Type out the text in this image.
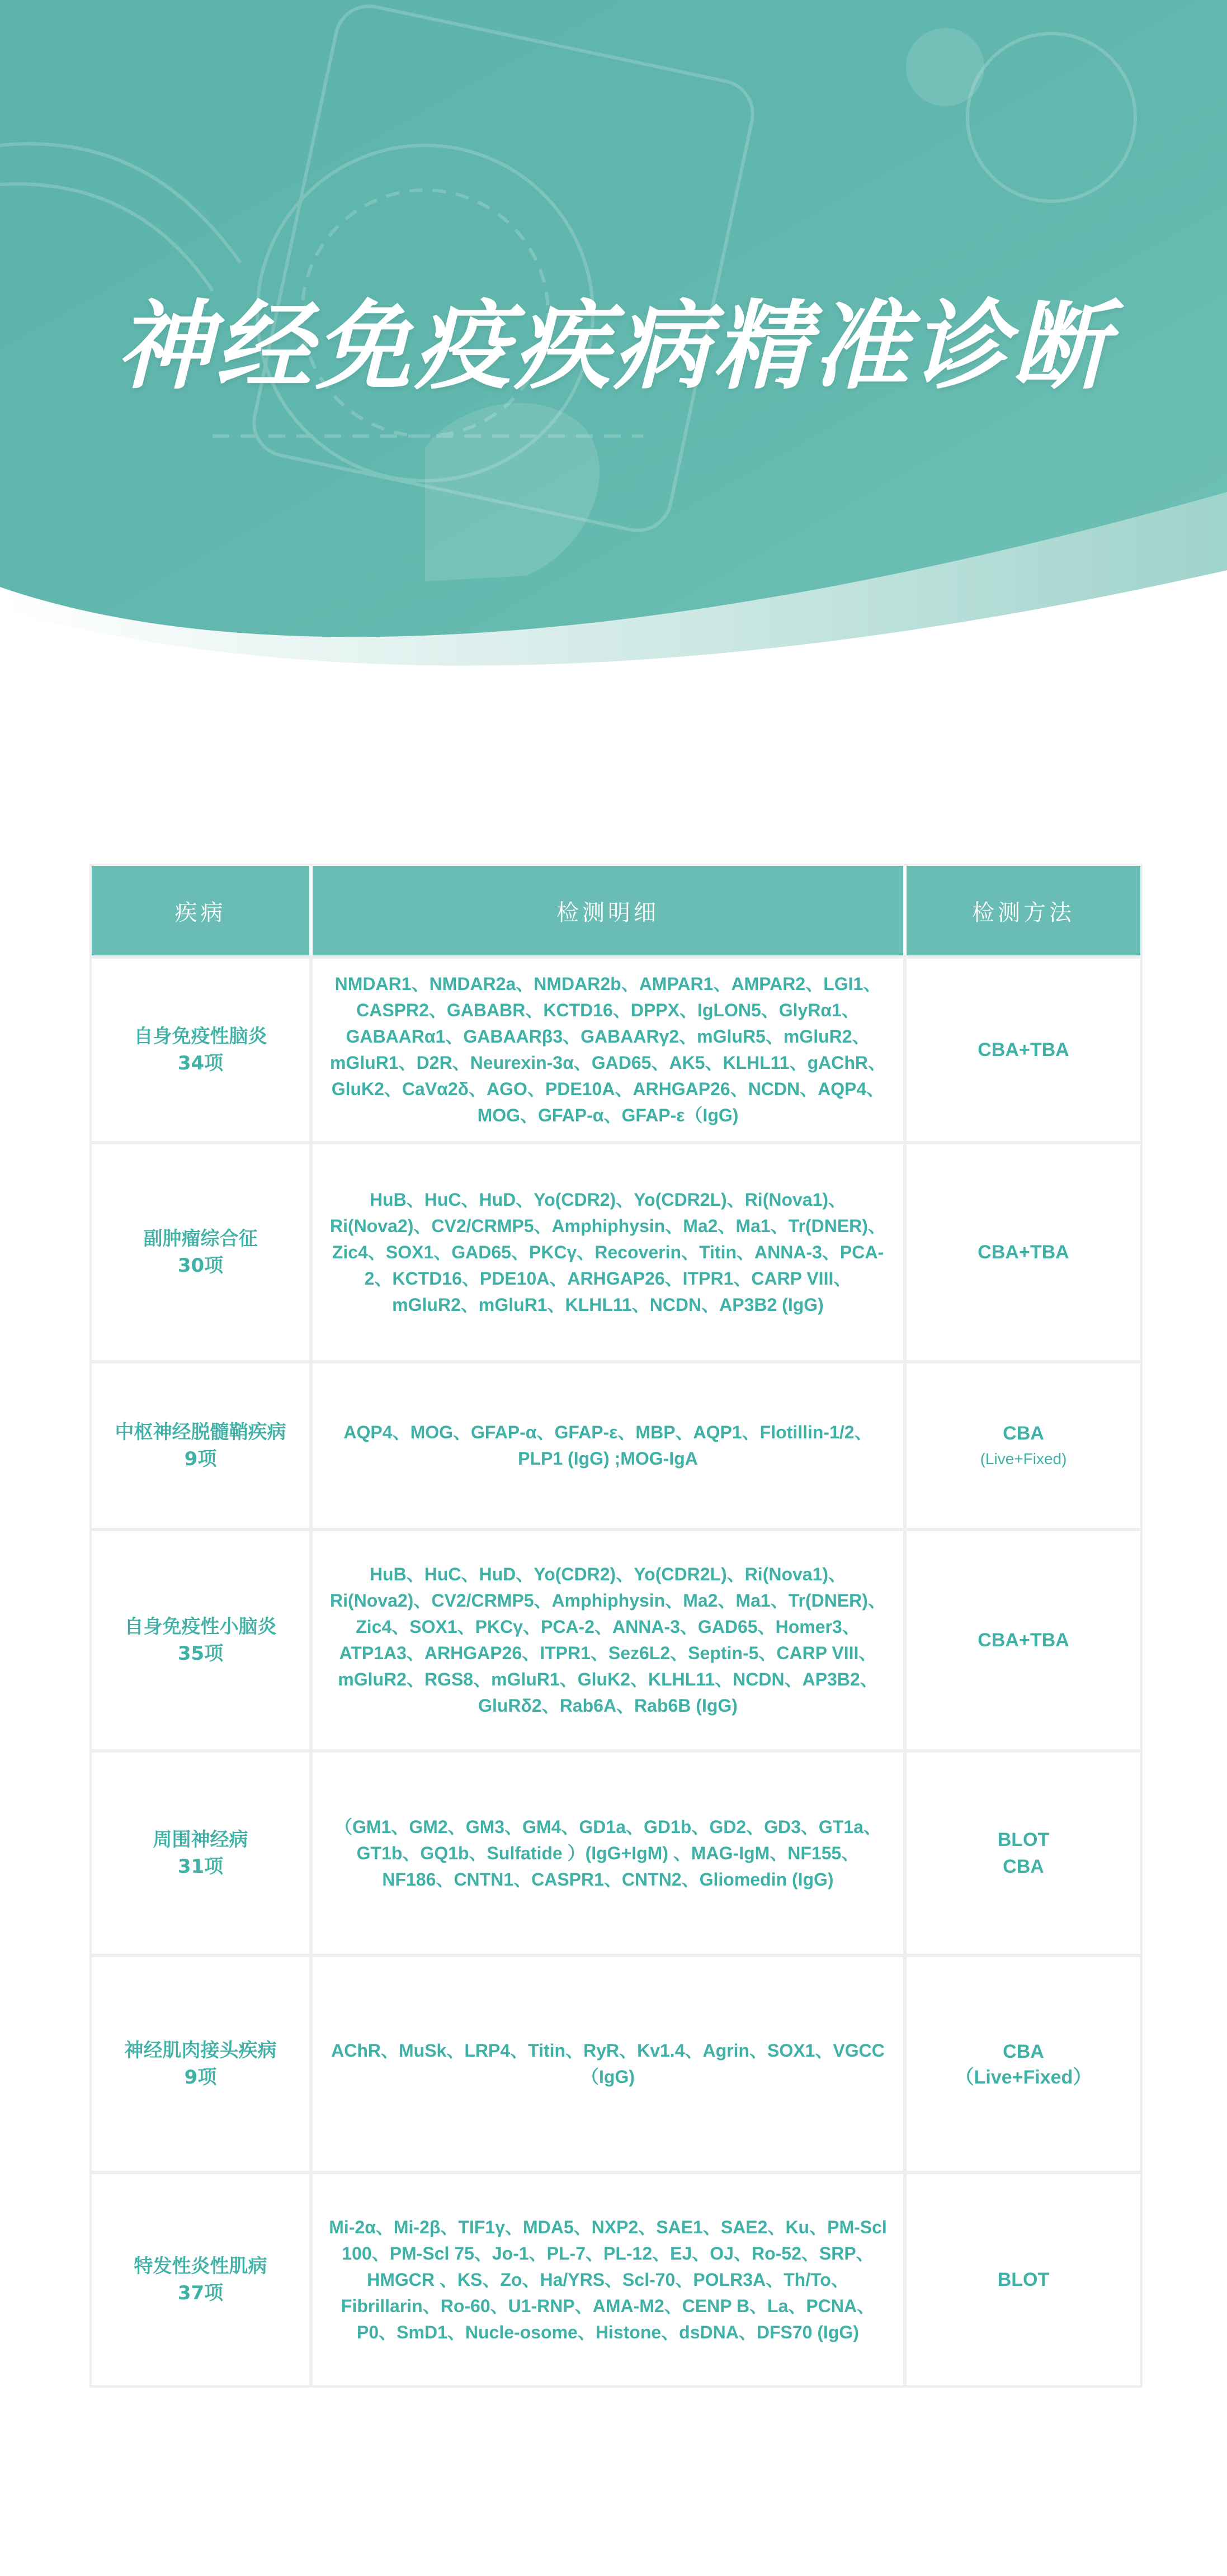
神经免疫疾病精准诊断
疾病	检测明细	检测方法

自身免疫性脑炎
34项	NMDAR1、NMDAR2a、NMDAR2b、AMPAR1、AMPAR2、LGI1、CASPR2、GABABR、KCTD16、DPPX、IgLON5、GlyRα1、GABAARα1、GABAARβ3、GABAARγ2、mGluR5、mGluR2、mGluR1、D2R、Neurexin-3α、GAD65、AK5、KLHL11、gAChR、GluK2、CaVα2δ、AGO、PDE10A、ARHGAP26、NCDN、AQP4、MOG、GFAP-α、GFAP-ε（IgG)	CBA+TBA

副肿瘤综合征
30项	HuB、HuC、HuD、Yo(CDR2)、Yo(CDR2L)、Ri(Nova1)、Ri(Nova2)、CV2/CRMP5、Amphiphysin、Ma2、Ma1、Tr(DNER)、Zic4、SOX1、GAD65、PKCγ、Recoverin、Titin、ANNA-3、PCA-2、KCTD16、PDE10A、ARHGAP26、ITPR1、CARP VIII、mGluR2、mGluR1、KLHL11、NCDN、AP3B2 (IgG)	CBA+TBA

中枢神经脱髓鞘疾病
9项	AQP4、MOG、GFAP-α、GFAP-ε、MBP、AQP1、Flotillin-1/2、PLP1 (IgG) ;MOG-IgA	CBA
(Live+Fixed)

自身免疫性小脑炎
35项	HuB、HuC、HuD、Yo(CDR2)、Yo(CDR2L)、Ri(Nova1)、Ri(Nova2)、CV2/CRMP5、Amphiphysin、Ma2、Ma1、Tr(DNER)、Zic4、SOX1、PKCγ、PCA-2、ANNA-3、GAD65、Homer3、ATP1A3、ARHGAP26、ITPR1、Sez6L2、Septin-5、CARP VIII、mGluR2、RGS8、mGluR1、GluK2、KLHL11、NCDN、AP3B2、GluRδ2、Rab6A、Rab6B (IgG)	CBA+TBA

周围神经病
31项	（GM1、GM2、GM3、GM4、GD1a、GD1b、GD2、GD3、GT1a、GT1b、GQ1b、Sulfatide ）(IgG+IgM) 、MAG-IgM、NF155、NF186、CNTN1、CASPR1、CNTN2、Gliomedin (IgG)	BLOT
CBA

神经肌肉接头疾病
9项	AChR、MuSk、LRP4、Titin、RyR、Kv1.4、Agrin、SOX1、VGCC（IgG)	CBA
（Live+Fixed）

特发性炎性肌病
37项	Mi-2α、Mi-2β、TIF1γ、MDA5、NXP2、SAE1、SAE2、Ku、PM-Scl 100、PM-Scl 75、Jo-1、PL-7、PL-12、EJ、OJ、Ro-52、SRP、HMGCR 、KS、Zo、Ha/YRS、Scl-70、POLR3A、Th/To、Fibrillarin、Ro-60、U1-RNP、AMA-M2、CENP B、La、PCNA、P0、SmD1、Nucle-osome、Histone、dsDNA、DFS70 (IgG)	BLOT
